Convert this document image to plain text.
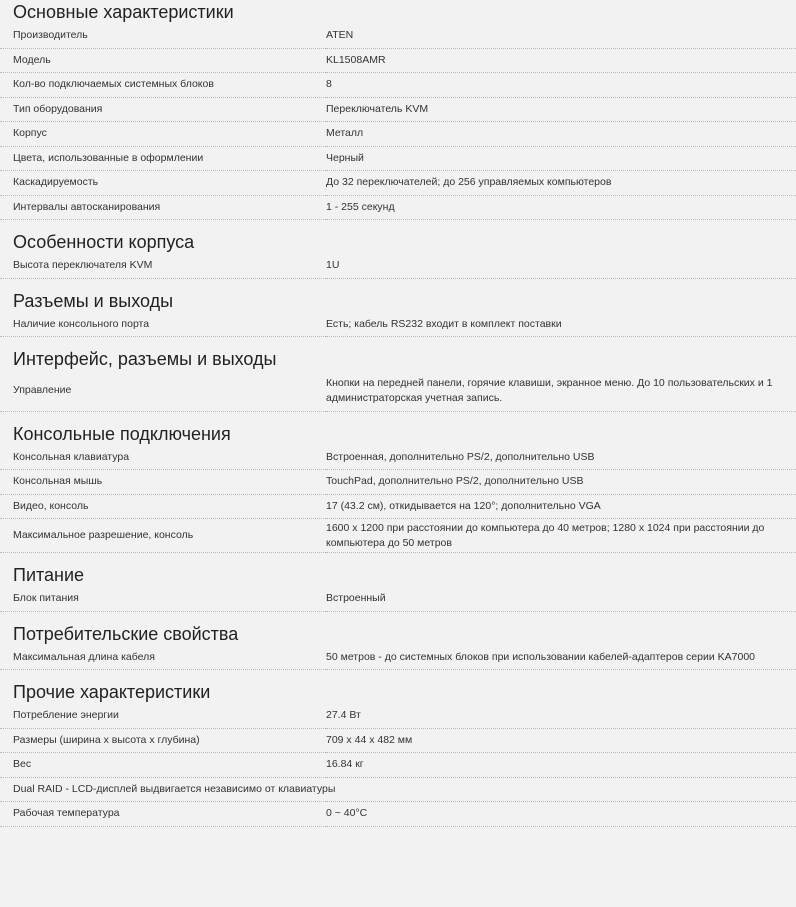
Основные характеристики
Производитель	ATEN
Модель	KL1508AMR
Кол-во подключаемых системных блоков	8
Тип оборудования	Переключатель KVM
Корпус	Металл
Цвета, использованные в оформлении	Черный
Каскадируемость	До 32 переключателей; до 256 управляемых компьютеров
Интервалы автосканирования	1 - 255 секунд
Особенности корпуса
Высота переключателя KVM	1U
Разъемы и выходы
Наличие консольного порта	Есть; кабель RS232 входит в комплект поставки
Интерфейс, разъемы и выходы
Управление	Кнопки на передней панели, горячие клавиши, экранное меню. До 10 пользовательских и 1 администраторская учетная запись.
Консольные подключения
Консольная клавиатура	Встроенная, дополнительно PS/2, дополнительно USB
Консольная мышь	TouchPad, дополнительно PS/2, дополнительно USB
Видео, консоль	17 (43.2 см), откидывается на 120°; дополнительно VGA
Максимальное разрешение, консоль	1600 x 1200 при расстоянии до компьютера до 40 метров; 1280 x 1024 при расстоянии до компьютера до 50 метров
Питание
Блок питания	Встроенный
Потребительские свойства
Максимальная длина кабеля	50 метров - до системных блоков при использовании кабелей-адаптеров серии KA7000
Прочие характеристики
Потребление энергии	27.4 Вт
Размеры (ширина x высота x глубина)	709 x 44 x 482 мм
Вес	16.84 кг
Dual RAID - LCD-дисплей выдвигается независимо от клавиатуры	
Рабочая температура	0 ~ 40°C
